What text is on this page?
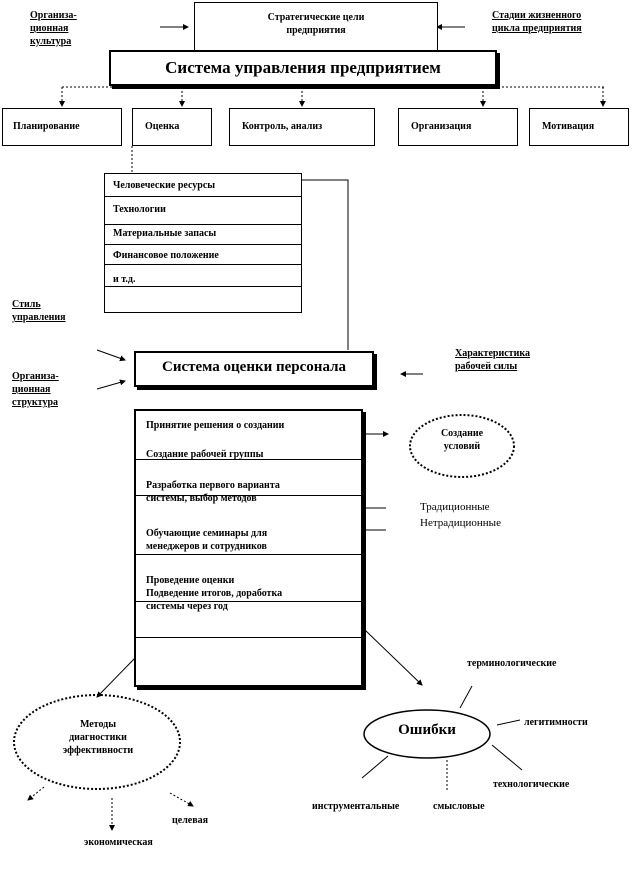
Организа-
ционная
культура
Стратегические цели
предприятия
Стадии жизненного
цикла предприятия
Система управления предприятием
Планирование	Оценка	Контроль, анализ	Организация	Мотивация
Человеческие ресурсы
Технологии
Материальные запасы
Финансовое положение
и т.д.
Стиль
управления
Организа-
ционная
структура
Характеристика
рабочей силы
Система оценки персонала
Принятие решения о создании
Создание рабочей группы
Разработка первого варианта
системы, выбор методов
Обучающие семинары для
менеджеров и сотрудников
Проведение оценки
Подведение итогов, доработка
системы через год
Создание
условий
Традиционные
Нетрадиционные
Методы
диагностики
эффективности
целевая
экономическая
Ошибки
терминологические
легитимности
технологические
инструментальные	смысловые
